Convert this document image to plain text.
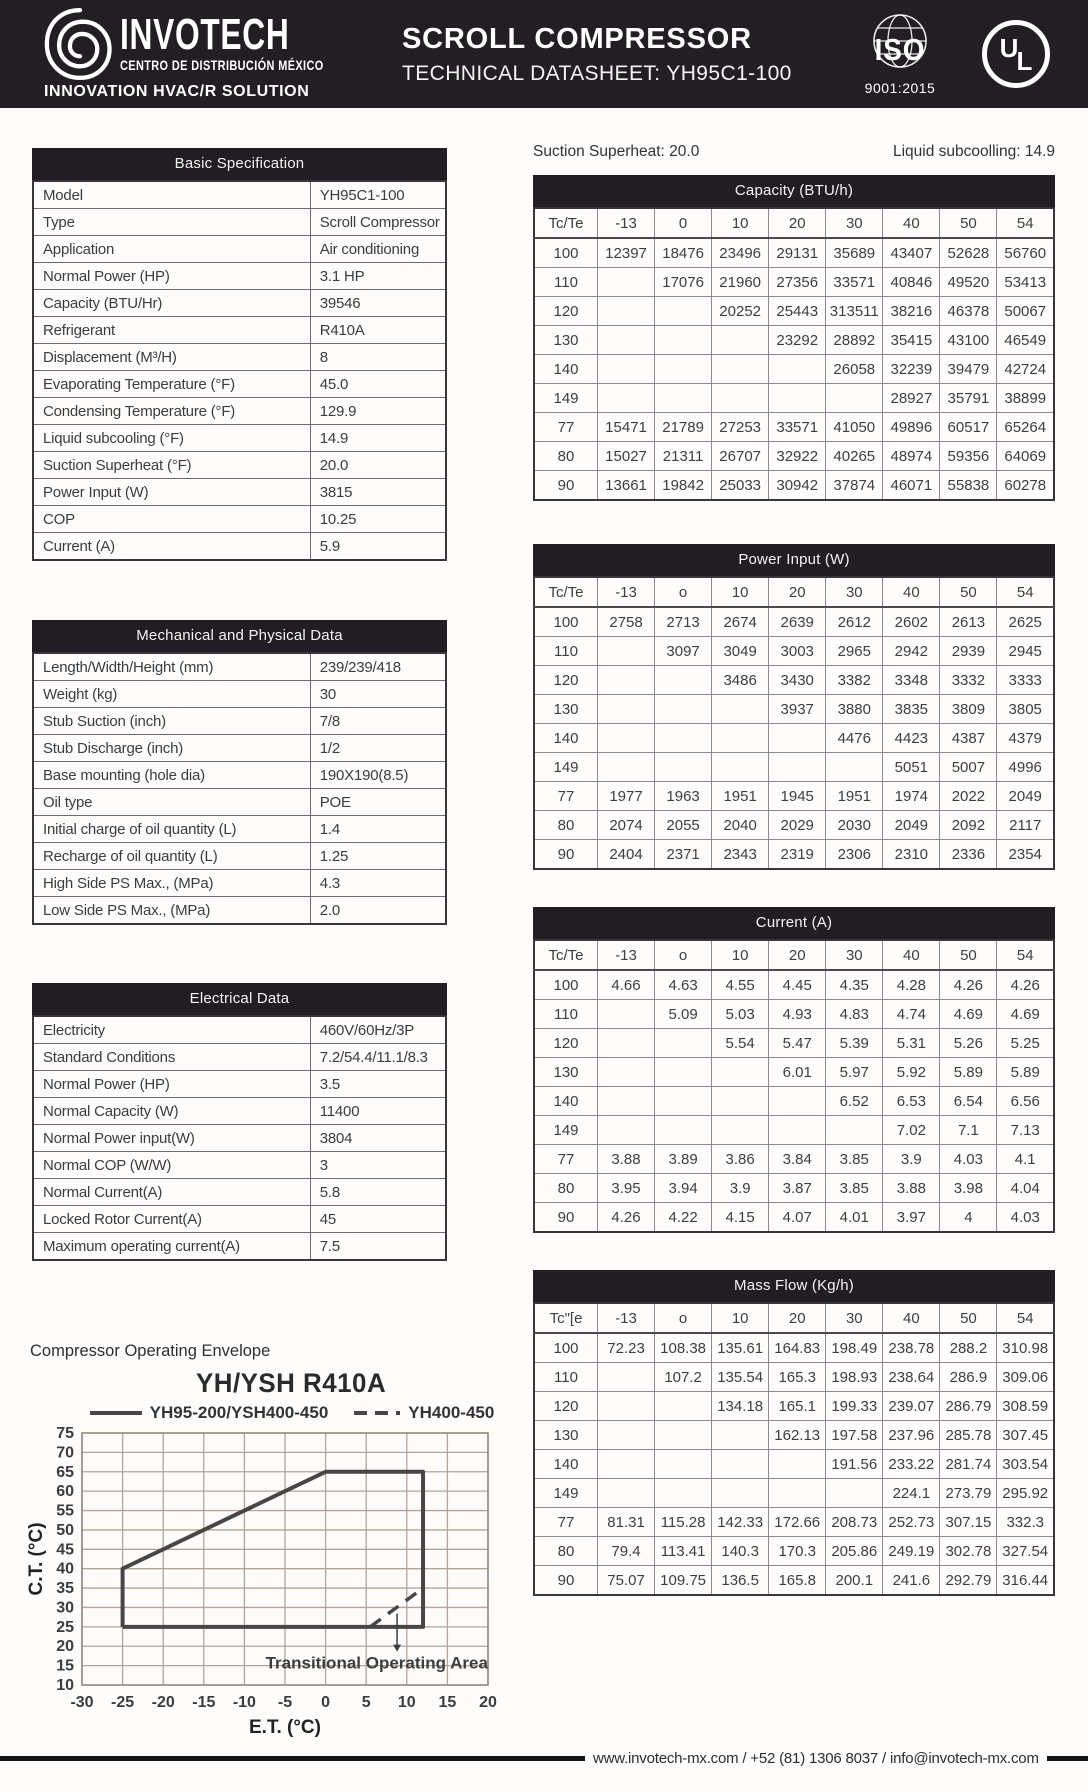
INVOTECH
CENTRO DE DISTRIBUCIÓN MÉXICO
INNOVATION HVAC/R SOLUTION
SCROLL COMPRESSOR
TECHNICAL DATASHEET: YH95C1-100
ISO
9001:2015
U
L
Basic Specification
Model	YH95C1-100
Type	Scroll Compressor
Application	Air conditioning
Normal Power (HP)	3.1 HP
Capacity (BTU/Hr)	39546
Refrigerant	R410A
Displacement (M³/H)	8
Evaporating Temperature (°F)	45.0
Condensing Temperature (°F)	129.9
Liquid subcooling (°F)	14.9
Suction Superheat (°F)	20.0
Power Input (W)	3815
COP	10.25
Current (A)	5.9
Mechanical and Physical Data
Length/Width/Height (mm)	239/239/418
Weight (kg)	30
Stub Suction (inch)	7/8
Stub Discharge (inch)	1/2
Base mounting (hole dia)	190X190(8.5)
Oil type	POE
Initial charge of oil quantity (L)	1.4
Recharge of oil quantity (L)	1.25
High Side PS Max., (MPa)	4.3
Low Side PS Max., (MPa)	2.0
Electrical Data
Electricity	460V/60Hz/3P
Standard Conditions	7.2/54.4/11.1/8.3
Normal Power (HP)	3.5
Normal Capacity (W)	11400
Normal Power input(W)	3804
Normal COP (W/W)	3
Normal Current(A)	5.8
Locked Rotor Current(A)	45
Maximum operating current(A)	7.5
Suction Superheat: 20.0	Liquid subcoolling: 14.9
Capacity (BTU/h)
Tc/Te	-13	0	10	20	30	40	50	54
100	12397	18476	23496	29131	35689	43407	52628	56760
110		17076	21960	27356	33571	40846	49520	53413
120			20252	25443	313511	38216	46378	50067
130				23292	28892	35415	43100	46549
140					26058	32239	39479	42724
149						28927	35791	38899
77	15471	21789	27253	33571	41050	49896	60517	65264
80	15027	21311	26707	32922	40265	48974	59356	64069
90	13661	19842	25033	30942	37874	46071	55838	60278
Power Input (W)
Tc/Te	-13	o	10	20	30	40	50	54
100	2758	2713	2674	2639	2612	2602	2613	2625
110		3097	3049	3003	2965	2942	2939	2945
120			3486	3430	3382	3348	3332	3333
130				3937	3880	3835	3809	3805
140					4476	4423	4387	4379
149						5051	5007	4996
77	1977	1963	1951	1945	1951	1974	2022	2049
80	2074	2055	2040	2029	2030	2049	2092	2117
90	2404	2371	2343	2319	2306	2310	2336	2354
Current (A)
Tc/Te	-13	o	10	20	30	40	50	54
100	4.66	4.63	4.55	4.45	4.35	4.28	4.26	4.26
110		5.09	5.03	4.93	4.83	4.74	4.69	4.69
120			5.54	5.47	5.39	5.31	5.26	5.25
130				6.01	5.97	5.92	5.89	5.89
140					6.52	6.53	6.54	6.56
149						7.02	7.1	7.13
77	3.88	3.89	3.86	3.84	3.85	3.9	4.03	4.1
80	3.95	3.94	3.9	3.87	3.85	3.88	3.98	4.04
90	4.26	4.22	4.15	4.07	4.01	3.97	4	4.03
Mass Flow (Kg/h)
Tc"[e	-13	o	10	20	30	40	50	54
100	72.23	108.38	135.61	164.83	198.49	238.78	288.2	310.98
110		107.2	135.54	165.3	198.93	238.64	286.9	309.06
120			134.18	165.1	199.33	239.07	286.79	308.59
130				162.13	197.58	237.96	285.78	307.45
140					191.56	233.22	281.74	303.54
149						224.1	273.79	295.92
77	81.31	115.28	142.33	172.66	208.73	252.73	307.15	332.3
80	79.4	113.41	140.3	170.3	205.86	249.19	302.78	327.54
90	75.07	109.75	136.5	165.8	200.1	241.6	292.79	316.44
Compressor Operating Envelope
YH/YSH R410A
YH95-200/YSH400-450	YH400-450
-30 -25 -20 -15 -10 -5 0 5 10 15 20
10
15
20
25
30
35
40
45
50
55
60
65
70
75
E.T. (°C)
C.T. (°C)
Transitional Operating Area
www.invotech-mx.com / +52 (81) 1306 8037 / info@invotech-mx.com
